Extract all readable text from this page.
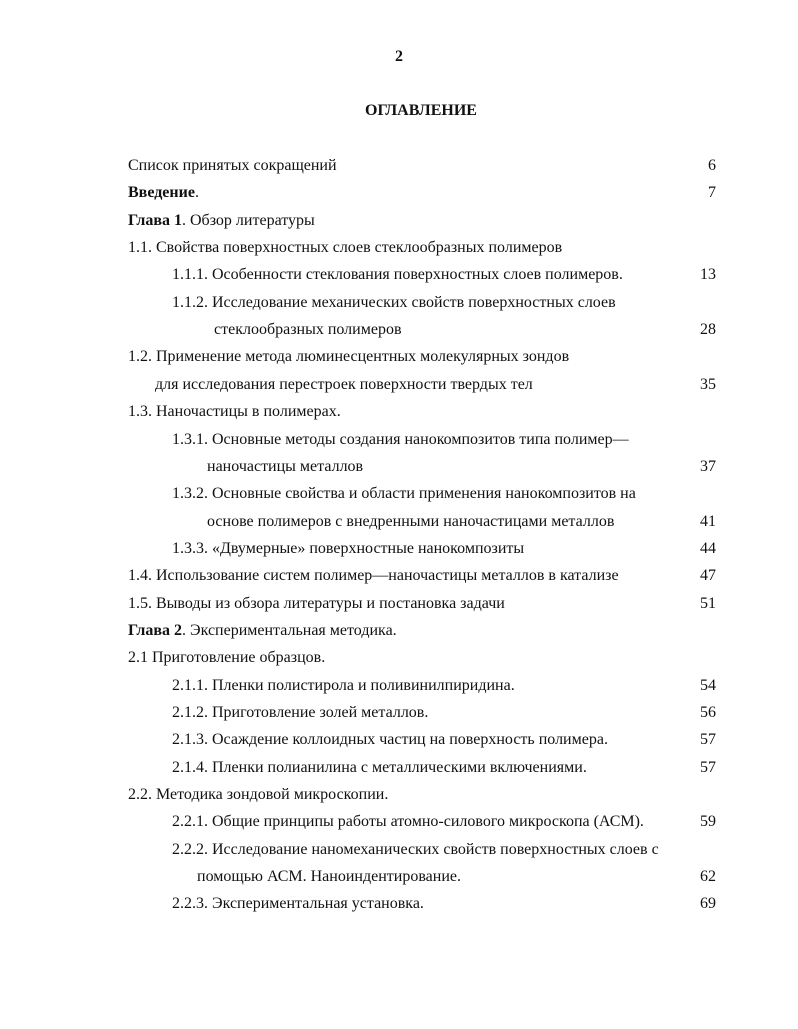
2
ОГЛАВЛЕНИЕ
Список принятых сокращений	6
Введение.	7
Глава 1. Обзор литературы
1.1. Свойства поверхностных слоев стеклообразных полимеров
1.1.1. Особенности стеклования поверхностных слоев полимеров.	13
1.1.2. Исследование механических свойств поверхностных слоев
стеклообразных полимеров	28
1.2. Применение метода люминесцентных молекулярных зондов
для исследования перестроек поверхности твердых тел	35
1.3. Наночастицы в полимерах.
1.3.1. Основные методы создания нанокомпозитов типа полимер—
наночастицы металлов	37
1.3.2. Основные свойства и области применения нанокомпозитов на
основе полимеров с внедренными наночастицами металлов	41
1.3.3. «Двумерные» поверхностные нанокомпозиты	44
1.4. Использование систем полимер—наночастицы металлов в катализе	47
1.5. Выводы из обзора литературы и постановка задачи	51
Глава 2. Экспериментальная методика.
2.1 Приготовление образцов.
2.1.1. Пленки полистирола и поливинилпиридина.	54
2.1.2. Приготовление золей металлов.	56
2.1.3. Осаждение коллоидных частиц на поверхность полимера.	57
2.1.4. Пленки полианилина с металлическими включениями.	57
2.2. Методика зондовой микроскопии.
2.2.1. Общие принципы работы атомно-силового микроскопа (АСМ).	59
2.2.2. Исследование наномеханических свойств поверхностных слоев с
помощью АСМ. Наноиндентирование.	62
2.2.3. Экспериментальная установка.	69
